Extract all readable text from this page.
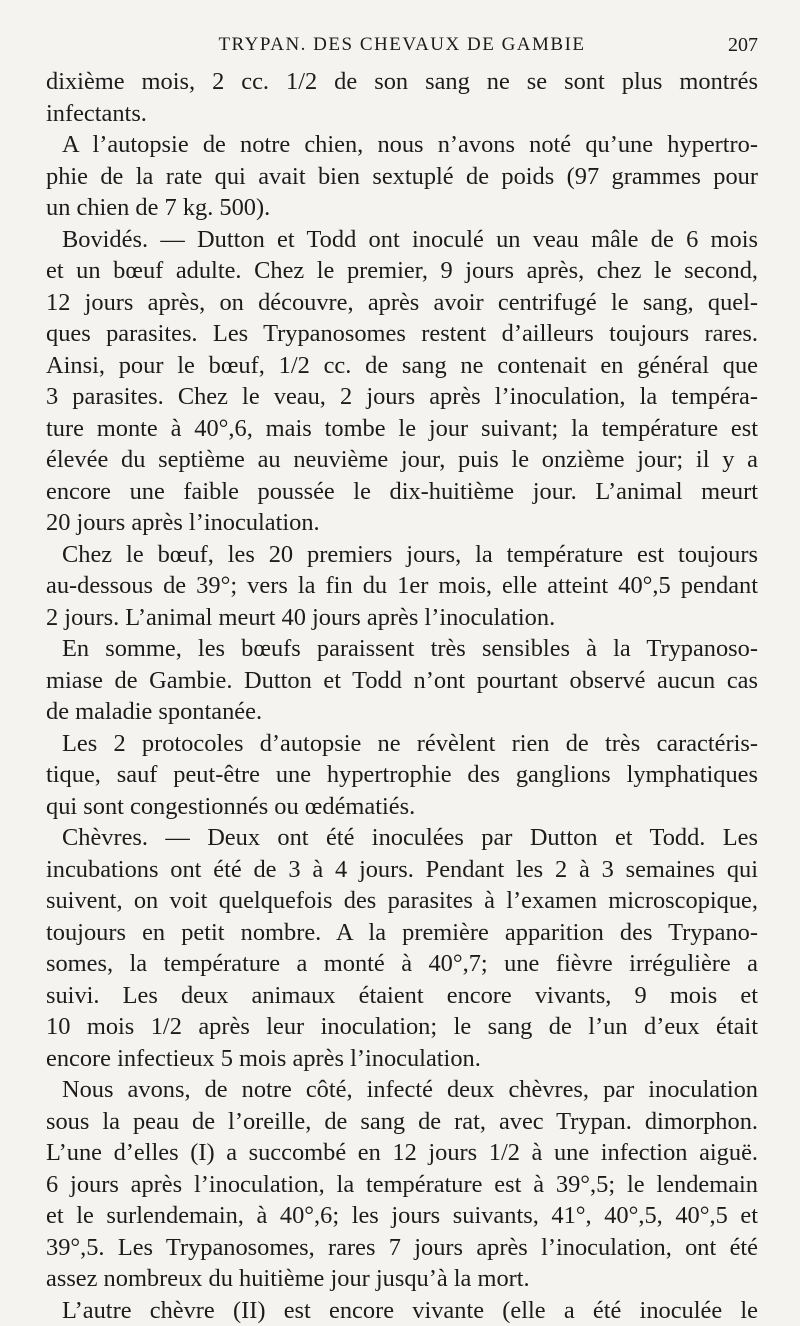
TRYPAN. DES CHEVAUX DE GAMBIE	207
dixième mois, 2 cc. 1/2 de son sang ne se sont plus montrés
infectants.
A l’autopsie de notre chien, nous n’avons noté qu’une hypertro-
phie de la rate qui avait bien sextuplé de poids (97 grammes pour
un chien de 7 kg. 500).
Bovidés. — Dutton et Todd ont inoculé un veau mâle de 6 mois
et un bœuf adulte. Chez le premier, 9 jours après, chez le second,
12 jours après, on découvre, après avoir centrifugé le sang, quel-
ques parasites. Les Trypanosomes restent d’ailleurs toujours rares.
Ainsi, pour le bœuf, 1/2 cc. de sang ne contenait en général que
3 parasites. Chez le veau, 2 jours après l’inoculation, la tempéra-
ture monte à 40°,6, mais tombe le jour suivant; la température est
élevée du septième au neuvième jour, puis le onzième jour; il y a
encore une faible poussée le dix-huitième jour. L’animal meurt
20 jours après l’inoculation.
Chez le bœuf, les 20 premiers jours, la température est toujours
au-dessous de 39°; vers la fin du 1er mois, elle atteint 40°,5 pendant
2 jours. L’animal meurt 40 jours après l’inoculation.
En somme, les bœufs paraissent très sensibles à la Trypanoso-
miase de Gambie. Dutton et Todd n’ont pourtant observé aucun cas
de maladie spontanée.
Les 2 protocoles d’autopsie ne révèlent rien de très caractéris-
tique, sauf peut-être une hypertrophie des ganglions lymphatiques
qui sont congestionnés ou œdématiés.
Chèvres. — Deux ont été inoculées par Dutton et Todd. Les
incubations ont été de 3 à 4 jours. Pendant les 2 à 3 semaines qui
suivent, on voit quelquefois des parasites à l’examen microscopique,
toujours en petit nombre. A la première apparition des Trypano-
somes, la température a monté à 40°,7; une fièvre irrégulière a
suivi. Les deux animaux étaient encore vivants, 9 mois et
10 mois 1/2 après leur inoculation; le sang de l’un d’eux était
encore infectieux 5 mois après l’inoculation.
Nous avons, de notre côté, infecté deux chèvres, par inoculation
sous la peau de l’oreille, de sang de rat, avec Trypan. dimorphon.
L’une d’elles (I) a succombé en 12 jours 1/2 à une infection aiguë.
6 jours après l’inoculation, la température est à 39°,5; le lendemain
et le surlendemain, à 40°,6; les jours suivants, 41°, 40°,5, 40°,5 et
39°,5. Les Trypanosomes, rares 7 jours après l’inoculation, ont été
assez nombreux du huitième jour jusqu’à la mort.
L’autre chèvre (II) est encore vivante (elle a été inoculée le
